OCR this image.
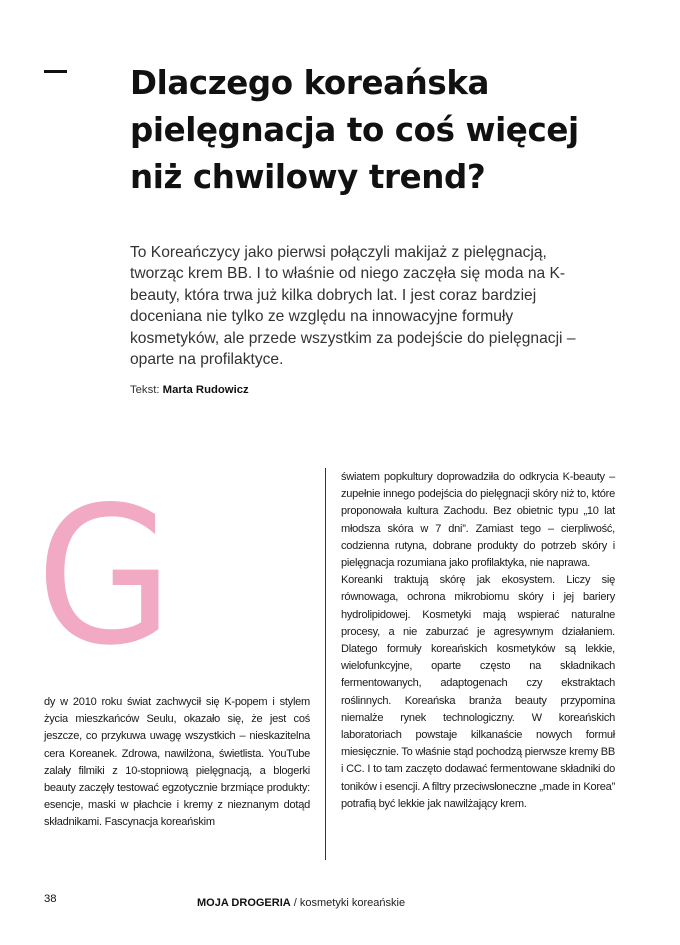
Dlaczego koreańska pielęgnacja to coś więcej niż chwilowy trend?
To Koreańczycy jako pierwsi połączyli makijaż z pielęgnacją, tworząc krem BB. I to właśnie od niego zaczęła się moda na K-beauty, która trwa już kilka dobrych lat. I jest coraz bardziej doceniana nie tylko ze względu na innowacyjne formuły kosmetyków, ale przede wszystkim za podejście do pielęgnacji – oparte na profilaktyce.
Tekst: Marta Rudowicz
G

dy w 2010 roku świat zachwycił się K-popem i stylem życia mieszkańców Seulu, okazało się, że jest coś jeszcze, co przykuwa uwagę wszystkich – nieskazitelna cera Koreanek. Zdrowa, nawilżona, świetlista. YouTube zalały filmiki z 10-stopniową pielęgnacją, a blogerki beauty zaczęły testować egzotycznie brzmiące produkty: esencje, maski w płachcie i kremy z nieznanym dotąd składnikami. Fascynacja koreańskim

światem popkultury doprowadziła do odkrycia K-beauty – zupełnie innego podejścia do pielęgnacji skóry niż to, które proponowała kultura Zachodu. Bez obietnic typu „10 lat młodsza skóra w 7 dni”. Zamiast tego – cierpliwość, codzienna rutyna, dobrane produkty do potrzeb skóry i pielęgnacja rozumiana jako profilaktyka, nie naprawa.

Koreanki traktują skórę jak ekosystem. Liczy się równowaga, ochrona mikrobiomu skóry i jej bariery hydrolipidowej. Kosmetyki mają wspierać naturalne procesy, a nie zaburzać je agresywnym działaniem. Dlatego formuły koreańskich kosmetyków są lekkie, wielofunkcyjne, oparte często na składnikach fermentowanych, adaptogenach czy ekstraktach roślinnych. Koreańska branża beauty przypomina niemalże rynek technologiczny. W koreańskich laboratoriach powstaje kilkanaście nowych formuł miesięcznie. To właśnie stąd pochodzą pierwsze kremy BB i CC. I to tam zaczęto dodawać fermentowane składniki do toników i esencji. A filtry przeciwsłoneczne „made in Korea” potrafią być lekkie jak nawilżający krem.

38	MOJA DROGERIA / kosmetyki koreańskie
